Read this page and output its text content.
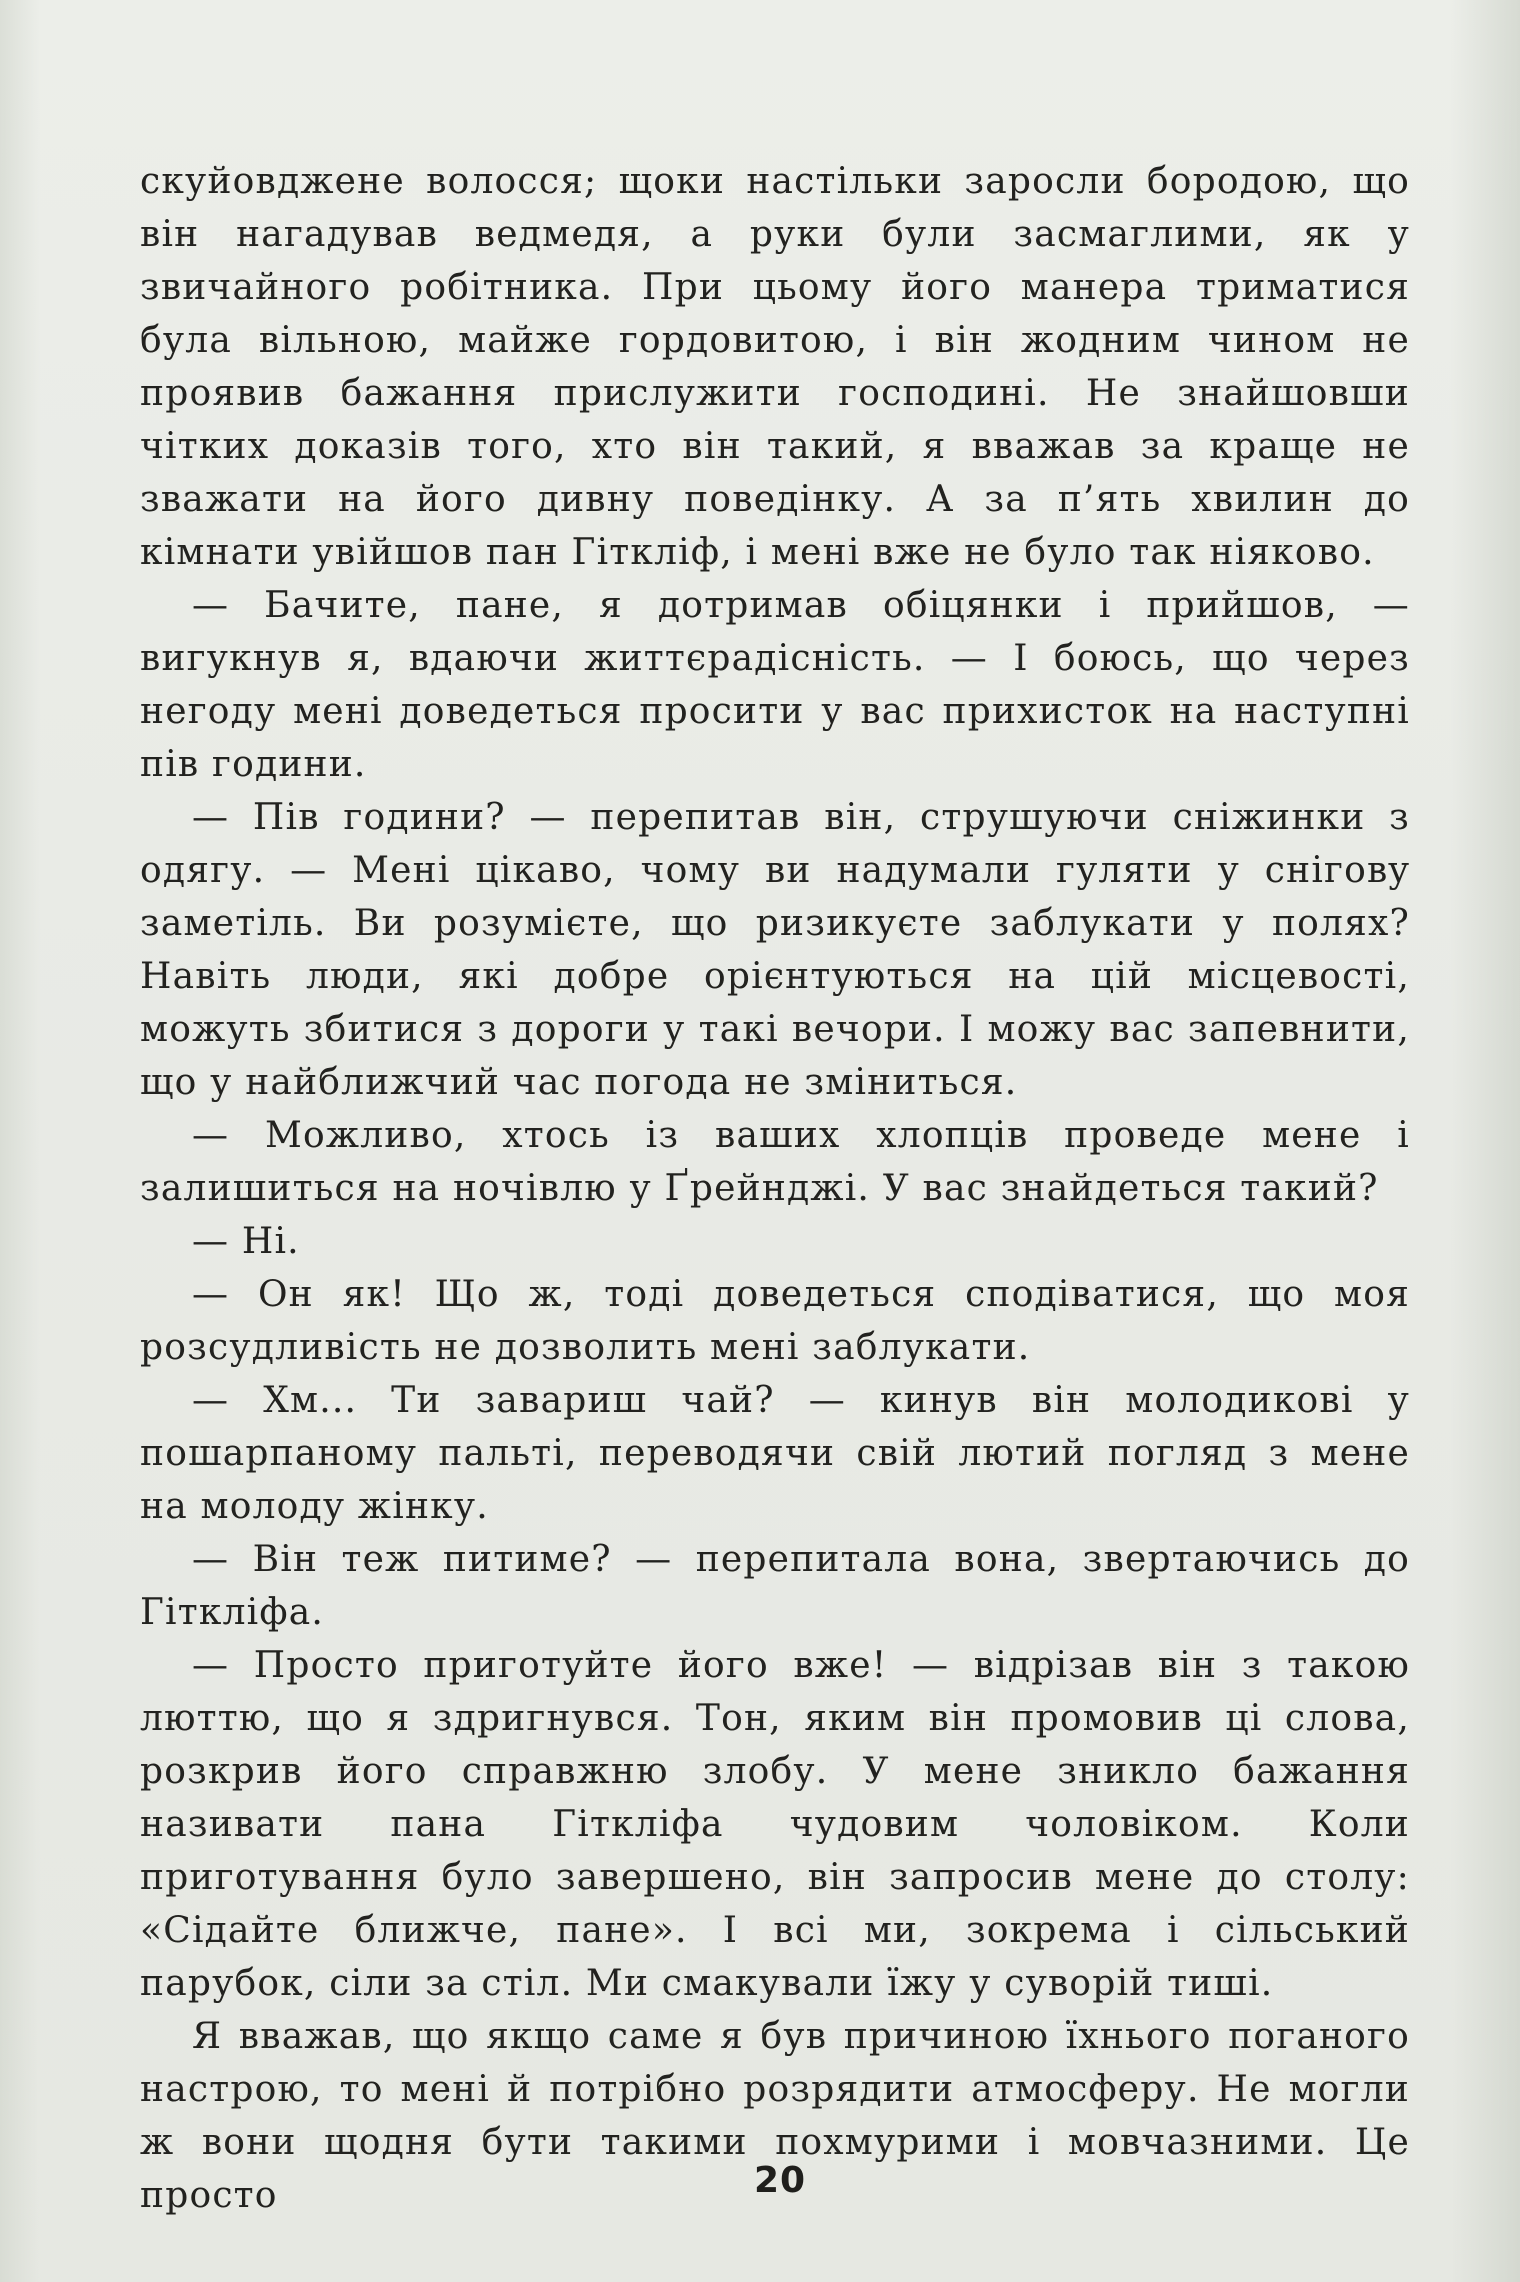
скуйовджене волосся; щоки настільки заросли бородою, що він нагадував ведмедя, а руки були засмаглими, як у звичайного робітника. При цьому його манера триматися була вільною, майже гордовитою, і він жодним чином не проявив бажання прислужити господині. Не знайшовши чітких доказів того, хто він такий, я вважав за краще не зважати на його дивну поведінку. А за п’ять хвилин до кімнати увійшов пан Гіткліф, і мені вже не було так ніяково.

— Бачите, пане, я дотримав обіцянки і прийшов, — вигукнув я, вдаючи життєрадісність. — І боюсь, що через негоду мені доведеться просити у вас прихисток на наступні пів години.

— Пів години? — перепитав він, струшуючи сніжинки з одягу. — Мені цікаво, чому ви надумали гуляти у сніговy заметіль. Ви розумієте, що ризикуєте заблукати у полях? Навіть люди, які добре орієнтуються на цій місцевості, можуть збитися з дороги у такі вечори. І можу вас запевнити, що у найближчий час погода не зміниться.

— Можливо, хтось із ваших хлопців проведе мене і залишиться на ночівлю у Ґрейнджі. У вас знайдеться такий?

— Ні.

— Он як! Що ж, тоді доведеться сподіватися, що моя розсудливість не дозволить мені заблукати.

— Хм... Ти завариш чай? — кинув він молодикові у пошарпаному пальті, переводячи свій лютий погляд з мене на молоду жінку.

— Він теж питиме? — перепитала вона, звертаючись до Гіткліфа.

— Просто приготуйте його вже! — відрізав він з такою люттю, що я здригнувся. Тон, яким він промовив ці слова, розкрив його справжню злобу. У мене зникло бажання називати пана Гіткліфа чудовим чоловіком. Коли приготування було завершено, він запросив мене до столу: «Сідайте ближче, пане». І всі ми, зокрема і сільський парубок, сіли за стіл. Ми смакували їжу у суворій тиші.

Я вважав, що якщо саме я був причиною їхнього поганого настрою, то мені й потрібно розрядити атмосферу. Не могли ж вони щодня бути такими похмурими і мовчазними. Це просто	20
